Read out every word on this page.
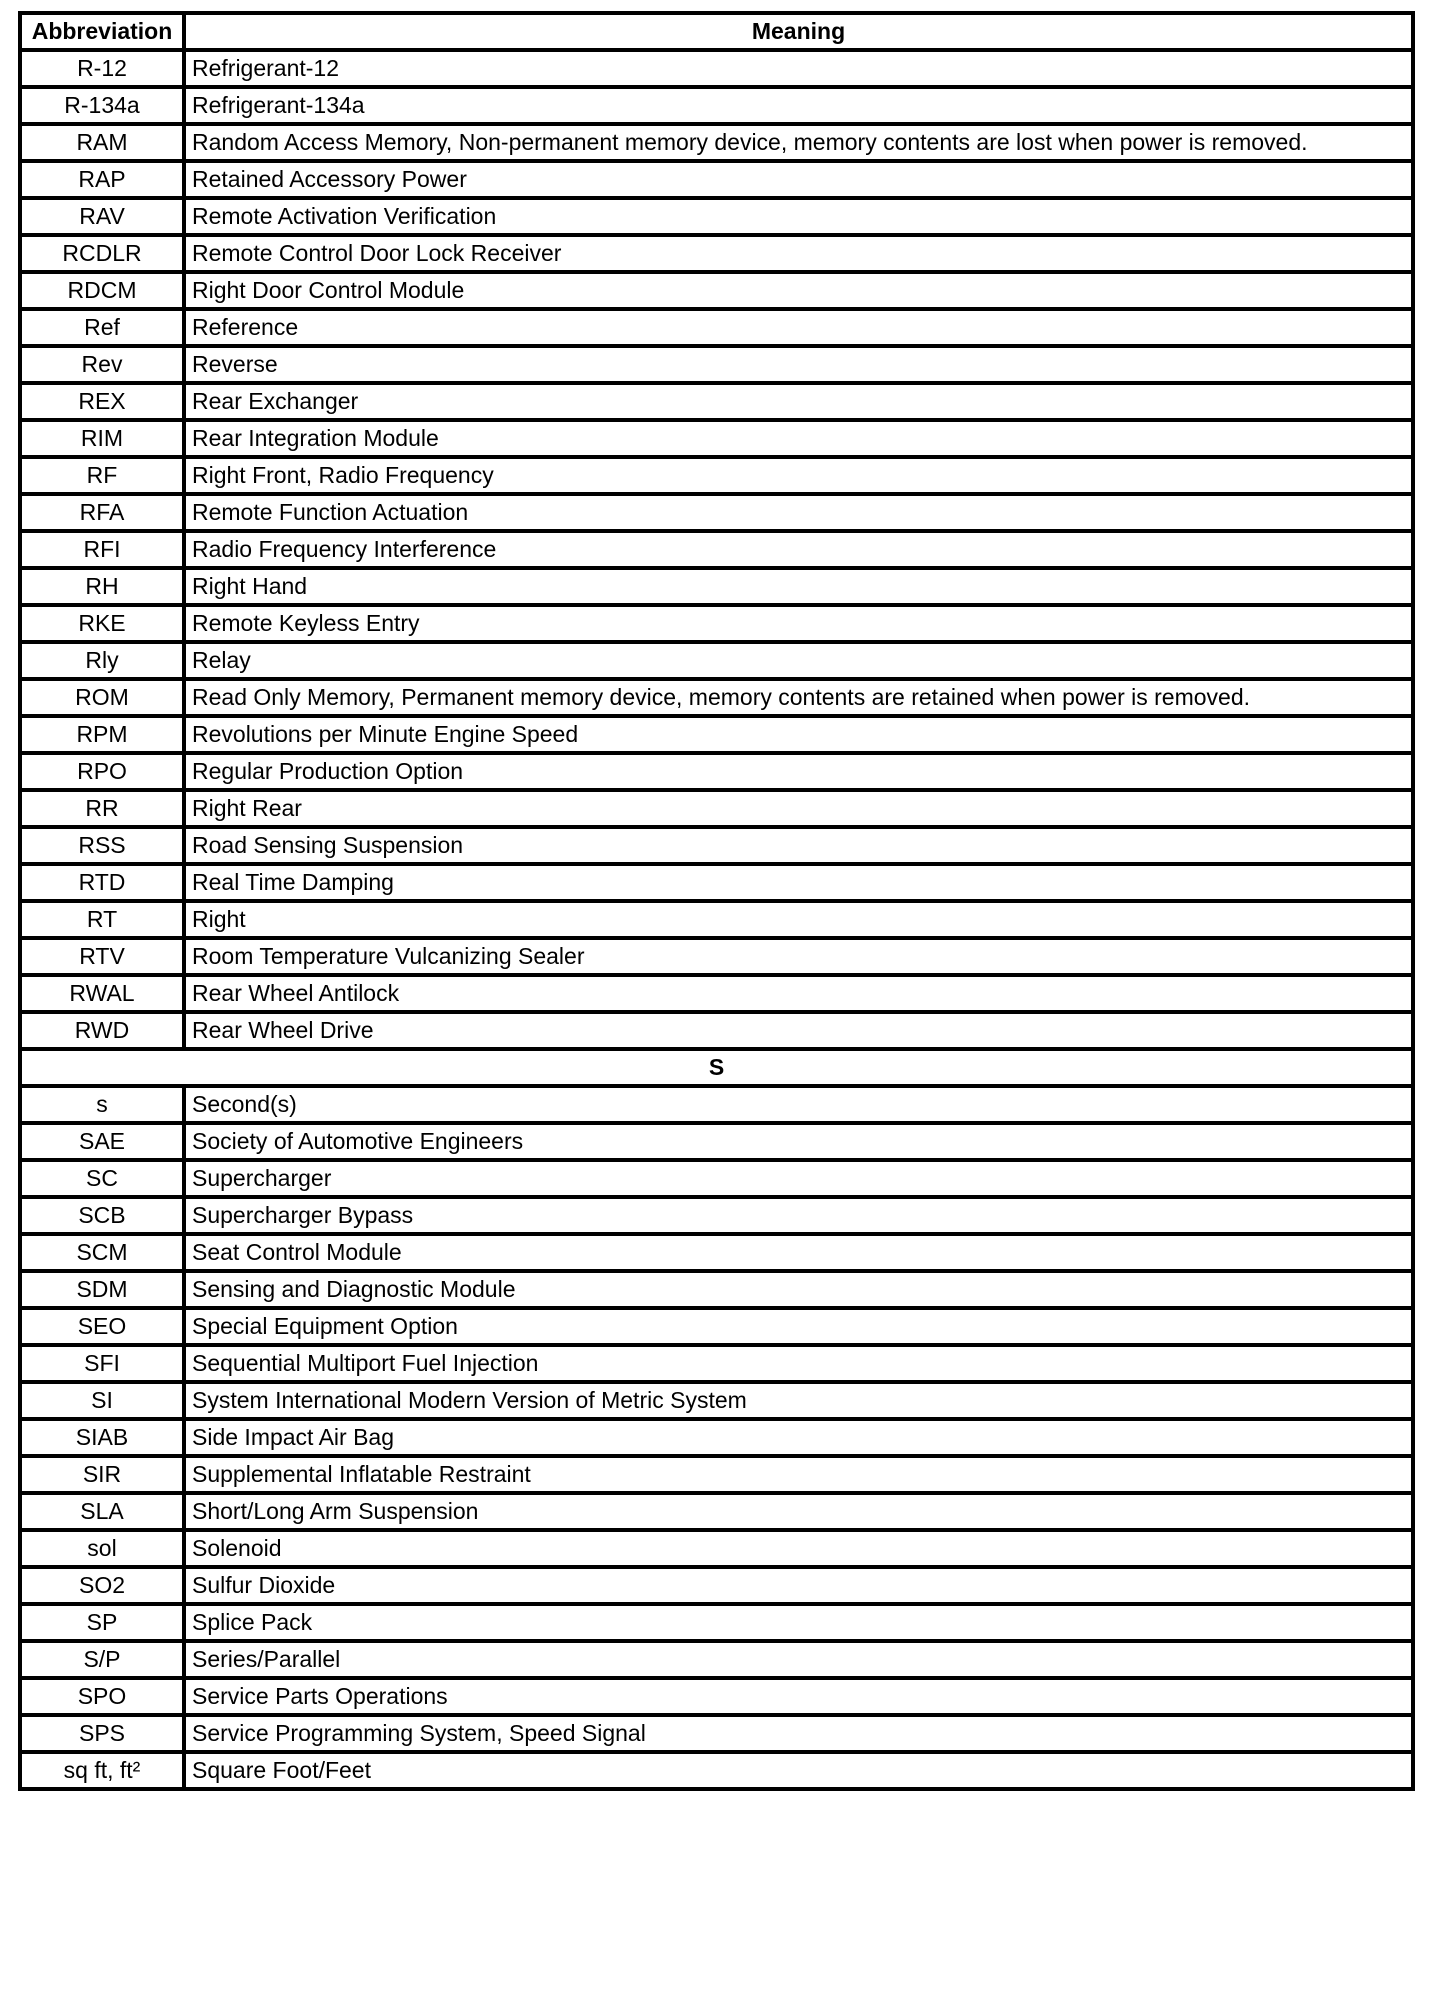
Abbreviation	Meaning
R-12	Refrigerant-12
R-134a	Refrigerant-134a
RAM	Random Access Memory, Non-permanent memory device, memory contents are lost when power is removed.
RAP	Retained Accessory Power
RAV	Remote Activation Verification
RCDLR	Remote Control Door Lock Receiver
RDCM	Right Door Control Module
Ref	Reference
Rev	Reverse
REX	Rear Exchanger
RIM	Rear Integration Module
RF	Right Front, Radio Frequency
RFA	Remote Function Actuation
RFI	Radio Frequency Interference
RH	Right Hand
RKE	Remote Keyless Entry
Rly	Relay
ROM	Read Only Memory, Permanent memory device, memory contents are retained when power is removed.
RPM	Revolutions per Minute Engine Speed
RPO	Regular Production Option
RR	Right Rear
RSS	Road Sensing Suspension
RTD	Real Time Damping
RT	Right
RTV	Room Temperature Vulcanizing Sealer
RWAL	Rear Wheel Antilock
RWD	Rear Wheel Drive
S	
s	Second(s)
SAE	Society of Automotive Engineers
SC	Supercharger
SCB	Supercharger Bypass
SCM	Seat Control Module
SDM	Sensing and Diagnostic Module
SEO	Special Equipment Option
SFI	Sequential Multiport Fuel Injection
SI	System International Modern Version of Metric System
SIAB	Side Impact Air Bag
SIR	Supplemental Inflatable Restraint
SLA	Short/Long Arm Suspension
sol	Solenoid
SO2	Sulfur Dioxide
SP	Splice Pack
S/P	Series/Parallel
SPO	Service Parts Operations
SPS	Service Programming System, Speed Signal
sq ft, ft²	Square Foot/Feet
